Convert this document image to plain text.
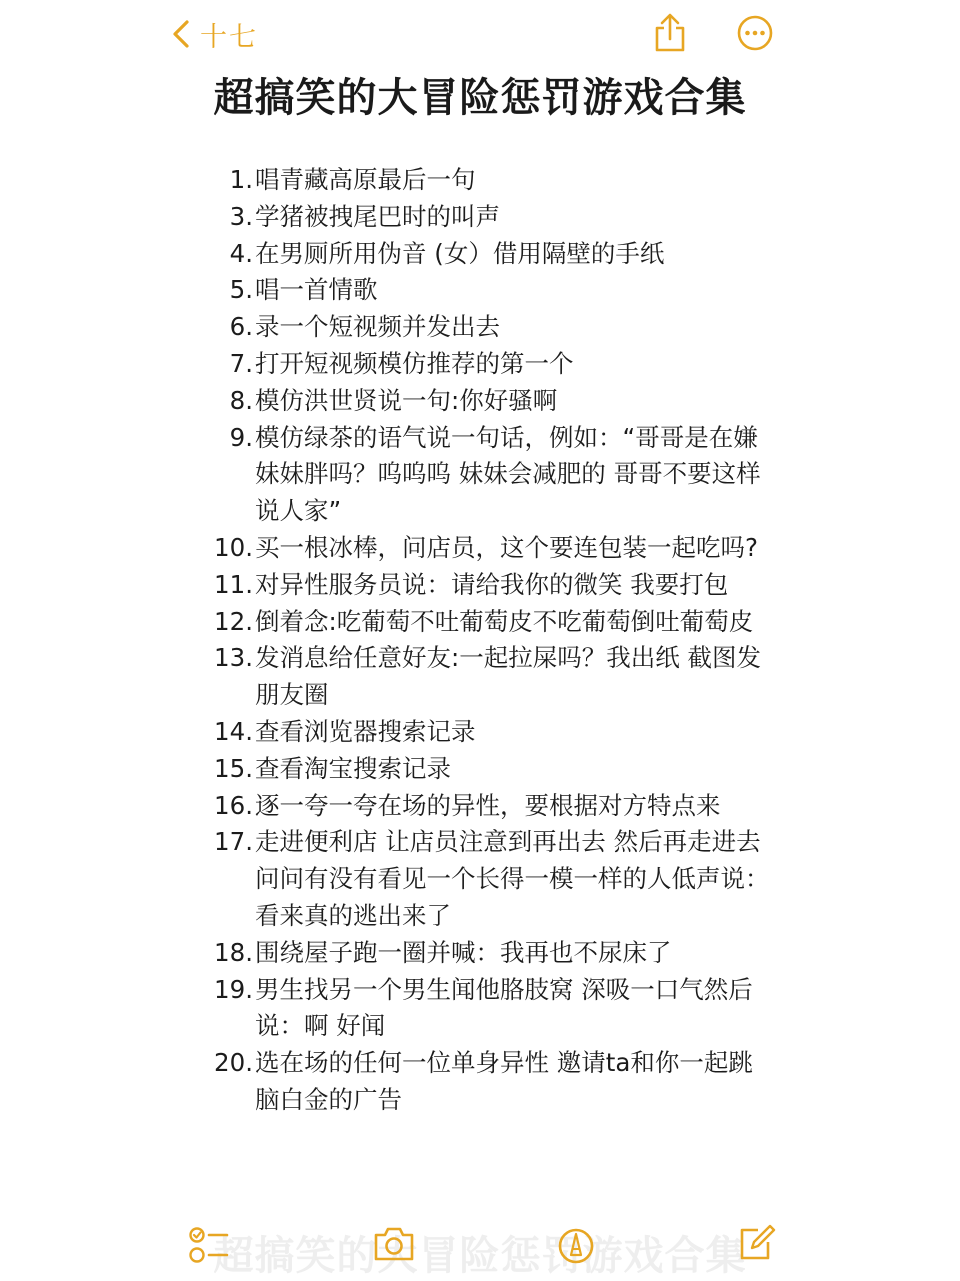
十七
超搞笑的大冒险惩罚游戏合集
1. 唱青藏高原最后一句
3. 学猪被拽尾巴时的叫声
4. 在男厕所用伪音 (女）借用隔壁的手纸
5. 唱一首情歌
6. 录一个短视频并发出去
7. 打开短视频模仿推荐的第一个
8. 模仿洪世贤说一句:你好骚啊
9. 模仿绿茶的语气说一句话，例如：“哥哥是在嫌妹妹胖吗？呜呜呜 妹妹会减肥的 哥哥不要这样说人家”
10. 买一根冰棒，问店员，这个要连包装一起吃吗?
11. 对异性服务员说：请给我你的微笑 我要打包
12. 倒着念:吃葡萄不吐葡萄皮不吃葡萄倒吐葡萄皮
13. 发消息给任意好友:一起拉屎吗？我出纸 截图发朋友圈
14. 查看浏览器搜索记录
15. 查看淘宝搜索记录
16. 逐一夸一夸在场的异性，要根据对方特点来
17. 走进便利店 让店员注意到再出去 然后再走进去问问有没有看见一个长得一模一样的人低声说：看来真的逃出来了
18. 围绕屋子跑一圈并喊：我再也不尿床了
19. 男生找另一个男生闻他胳肢窝 深吸一口气然后说：啊 好闻
20. 选在场的任何一位单身异性 邀请ta和你一起跳脑白金的广告
超搞笑的大冒险惩罚游戏合集
